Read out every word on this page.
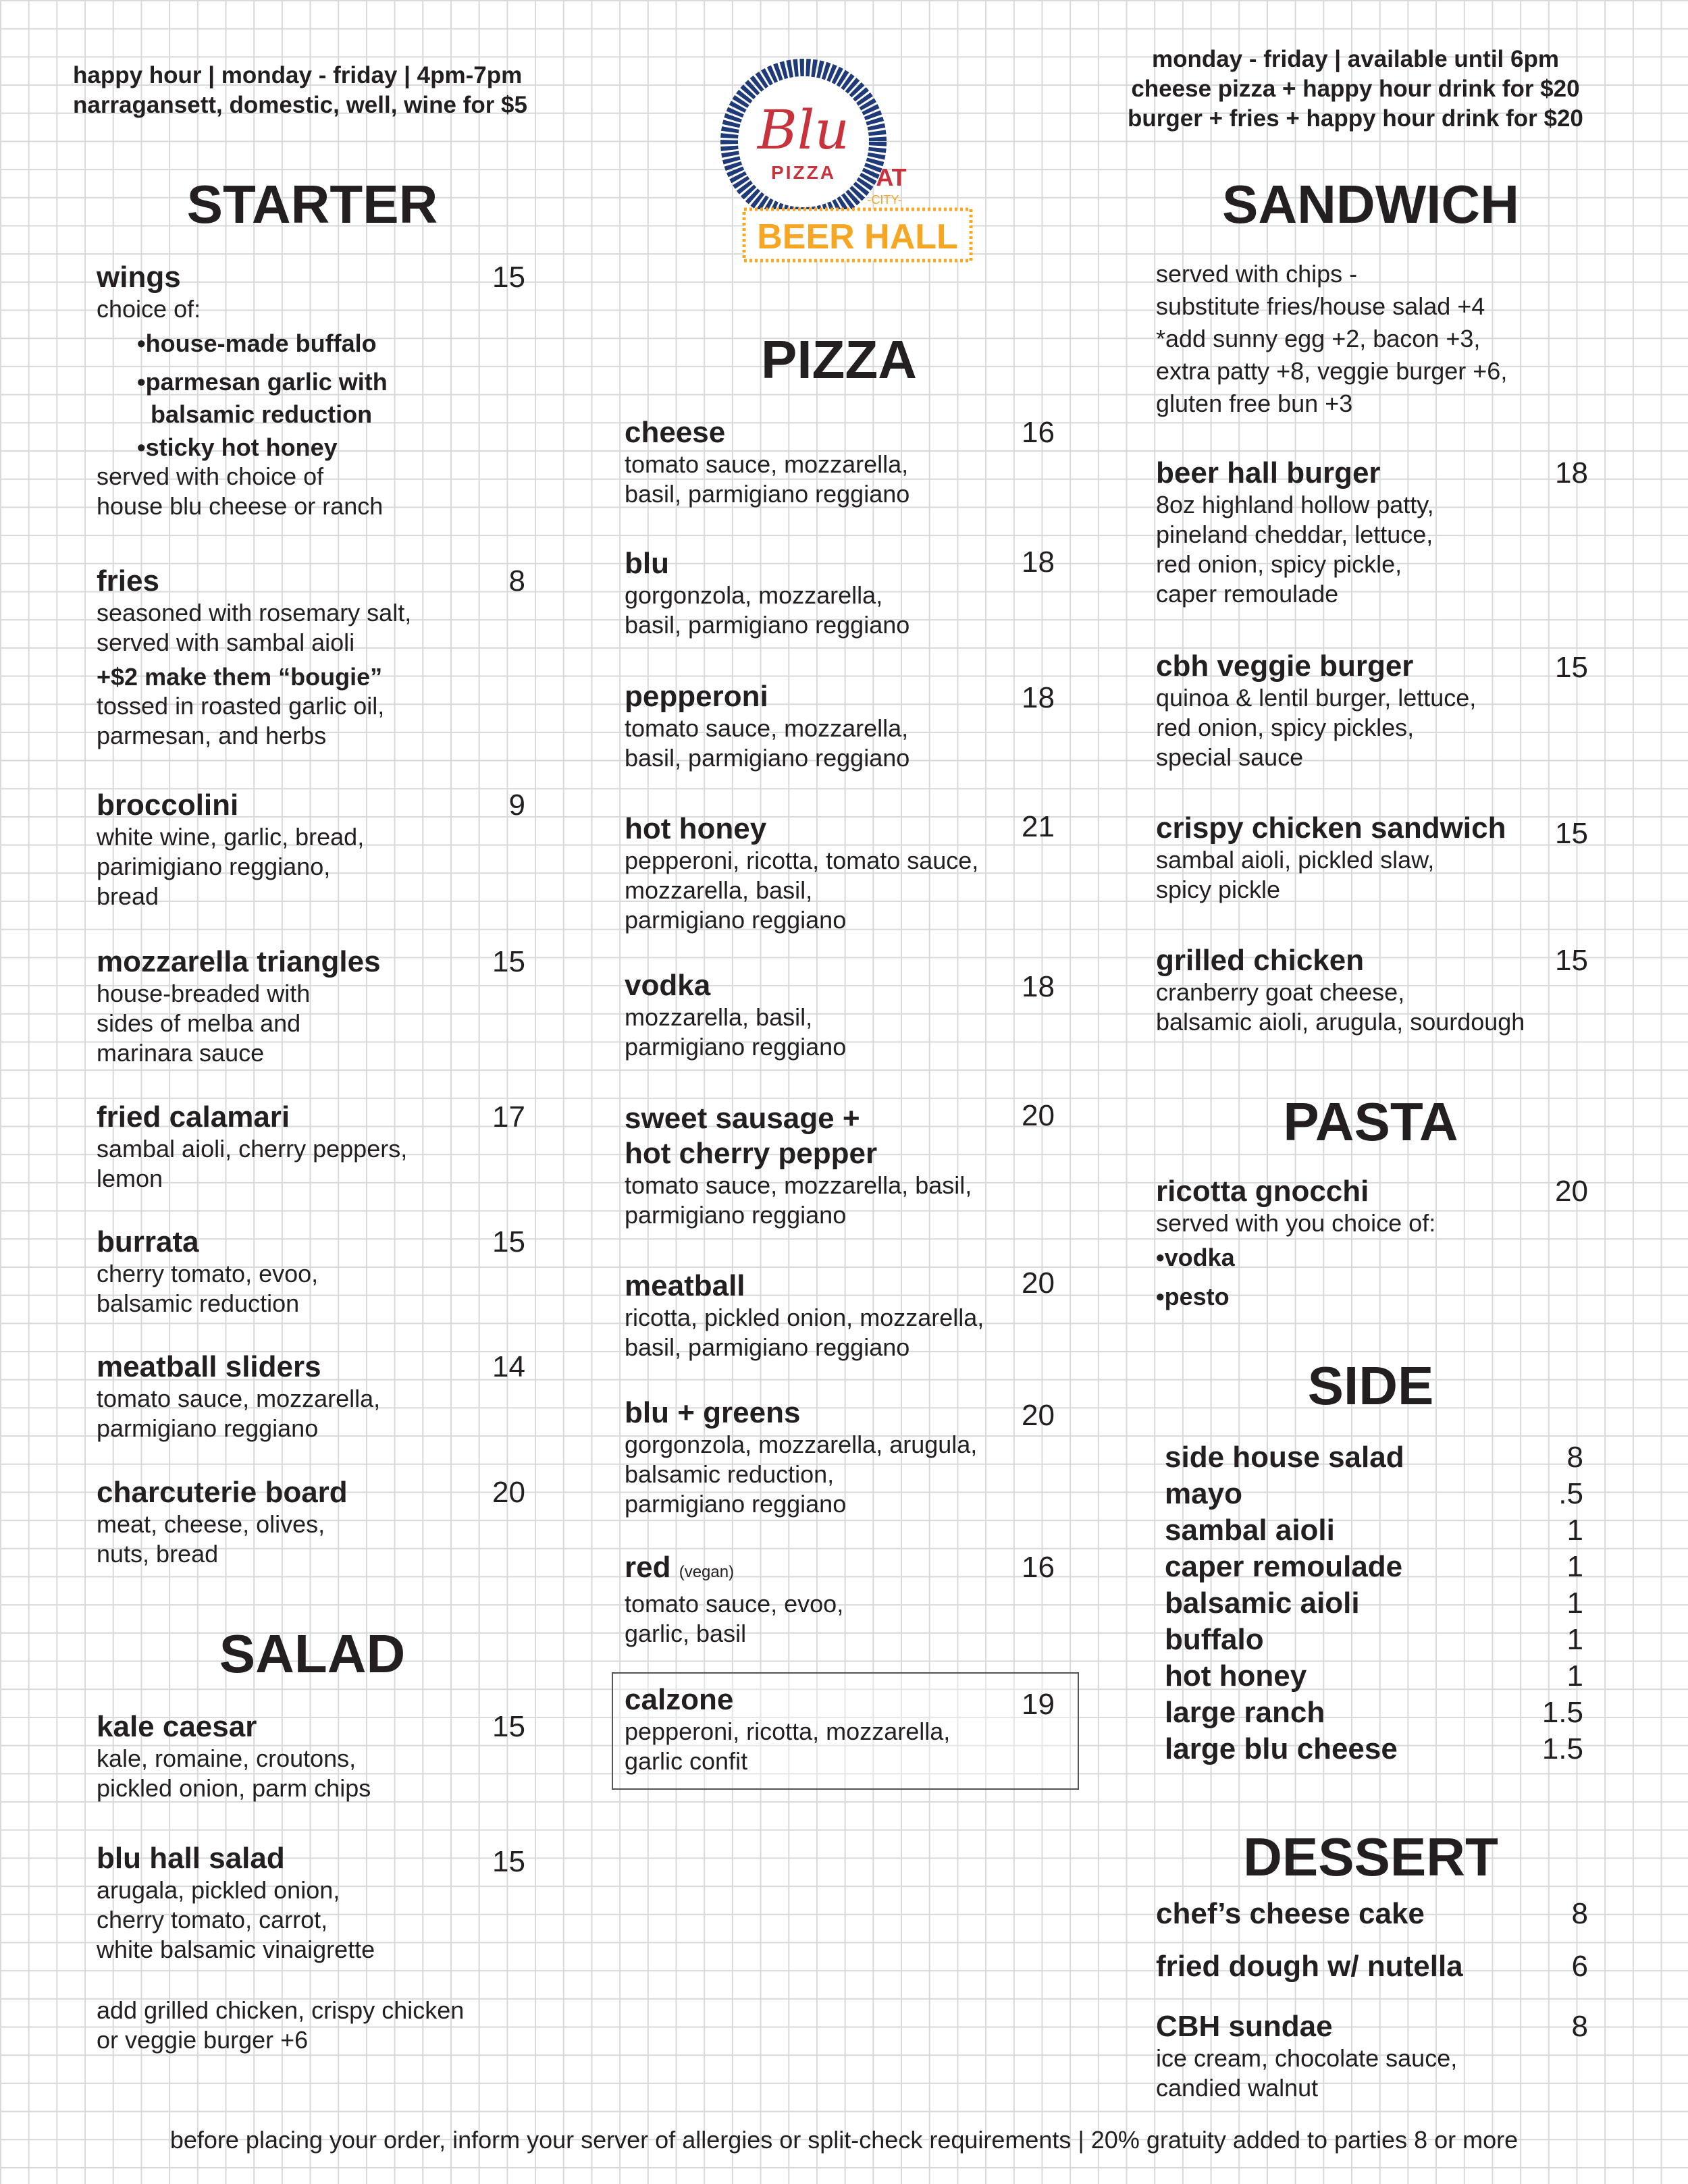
happy hour | monday - friday | 4pm-7pm
narragansett, domestic, well, wine for $5
monday - friday | available until 6pm
cheese pizza + happy hour drink for $20
burger + fries + happy hour drink for $20
Blu
PIZZA AT
-CITY-
BEER HALL
STARTER
wings
choice of:
•house-made buffalo
•parmesan garlic with
balsamic reduction
•sticky hot honey
served with choice of
house blu cheese or ranch
15
fries
seasoned with rosemary salt,
served with sambal aioli
+$2 make them “bougie”
tossed in roasted garlic oil,
parmesan, and herbs
8
broccolini
white wine, garlic, bread,
parimigiano reggiano,
bread
9
mozzarella triangles
house-breaded with
sides of melba and
marinara sauce
15
fried calamari
sambal aioli, cherry peppers,
lemon
17
burrata
cherry tomato, evoo,
balsamic reduction
15
meatball sliders
tomato sauce, mozzarella,
parmigiano reggiano
14
charcuterie board
meat, cheese, olives,
nuts, bread
20
SALAD
kale caesar
kale, romaine, croutons,
pickled onion, parm chips
15
blu hall salad
arugala, pickled onion,
cherry tomato, carrot,
white balsamic vinaigrette
15
add grilled chicken, crispy chicken
or veggie burger +6
PIZZA
cheese
tomato sauce, mozzarella,
basil, parmigiano reggiano
16
blu
gorgonzola, mozzarella,
basil, parmigiano reggiano
18
pepperoni
tomato sauce, mozzarella,
basil, parmigiano reggiano
18
hot honey
pepperoni, ricotta, tomato sauce,
mozzarella, basil,
parmigiano reggiano
21
vodka
mozzarella, basil,
parmigiano reggiano
18
sweet sausage +
hot cherry pepper
tomato sauce, mozzarella, basil,
parmigiano reggiano
20
meatball
ricotta, pickled onion, mozzarella,
basil, parmigiano reggiano
20
blu + greens
gorgonzola, mozzarella, arugula,
balsamic reduction,
parmigiano reggiano
20
red (vegan)
tomato sauce, evoo,
garlic, basil
16
calzone
pepperoni, ricotta, mozzarella,
garlic confit
19
SANDWICH
served with chips -
substitute fries/house salad +4
*add sunny egg +2, bacon +3,
extra patty +8, veggie burger +6,
gluten free bun +3
beer hall burger
8oz highland hollow patty,
pineland cheddar, lettuce,
red onion, spicy pickle,
caper remoulade
18
cbh veggie burger
quinoa & lentil burger, lettuce,
red onion, spicy pickles,
special sauce
15
crispy chicken sandwich
sambal aioli, pickled slaw,
spicy pickle
15
grilled chicken
cranberry goat cheese,
balsamic aioli, arugula, sourdough
15
PASTA
ricotta gnocchi
served with you choice of:
•vodka
•pesto
20
SIDE
side house salad	8
mayo	.5
sambal aioli	1
caper remoulade	1
balsamic aioli	1
buffalo	1
hot honey	1
large ranch	1.5
large blu cheese	1.5
DESSERT
chef’s cheese cake	8
fried dough w/ nutella	6
CBH sundae
ice cream, chocolate sauce,
candied walnut
8
before placing your order, inform your server of allergies or split-check requirements | 20% gratuity added to parties 8 or more
